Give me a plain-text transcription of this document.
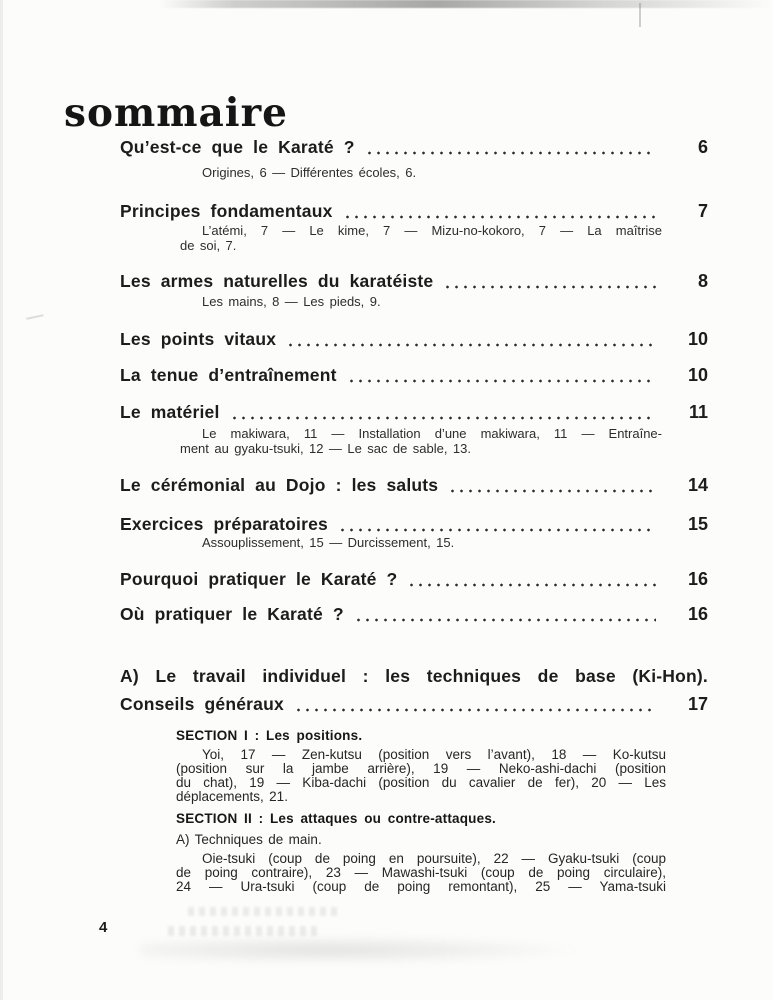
sommaire
Qu’est-ce que le Karaté ?	6
Origines, 6 — Différentes écoles, 6.
Principes fondamentaux	7
L’atémi, 7 — Le kime, 7 — Mizu-no-kokoro, 7 — La maîtrise
de soi, 7.
Les armes naturelles du karatéiste	8
Les mains, 8 — Les pieds, 9.
Les points vitaux	10
La tenue d’entraînement	10
Le matériel	11
Le makiwara, 11 — Installation d’une makiwara, 11 — Entraîne-
ment au gyaku-tsuki, 12 — Le sac de sable, 13.
Le cérémonial au Dojo : les saluts	14
Exercices préparatoires	15
Assouplissement, 15 — Durcissement, 15.
Pourquoi pratiquer le Karaté ?	16
Où pratiquer le Karaté ?	16
A) Le travail individuel : les techniques de base (Ki-Hon).
Conseils généraux	17
SECTION I : Les positions.
Yoi, 17 — Zen-kutsu (position vers l’avant), 18 — Ko-kutsu
(position sur la jambe arrière), 19 — Neko-ashi-dachi (position
du chat), 19 — Kiba-dachi (position du cavalier de fer), 20 — Les
déplacements, 21.
SECTION II : Les attaques ou contre-attaques.
A) Techniques de main.
Oie-tsuki (coup de poing en poursuite), 22 — Gyaku-tsuki (coup
de poing contraire), 23 — Mawashi-tsuki (coup de poing circulaire),
24 — Ura-tsuki (coup de poing remontant), 25 — Yama-tsuki
4
